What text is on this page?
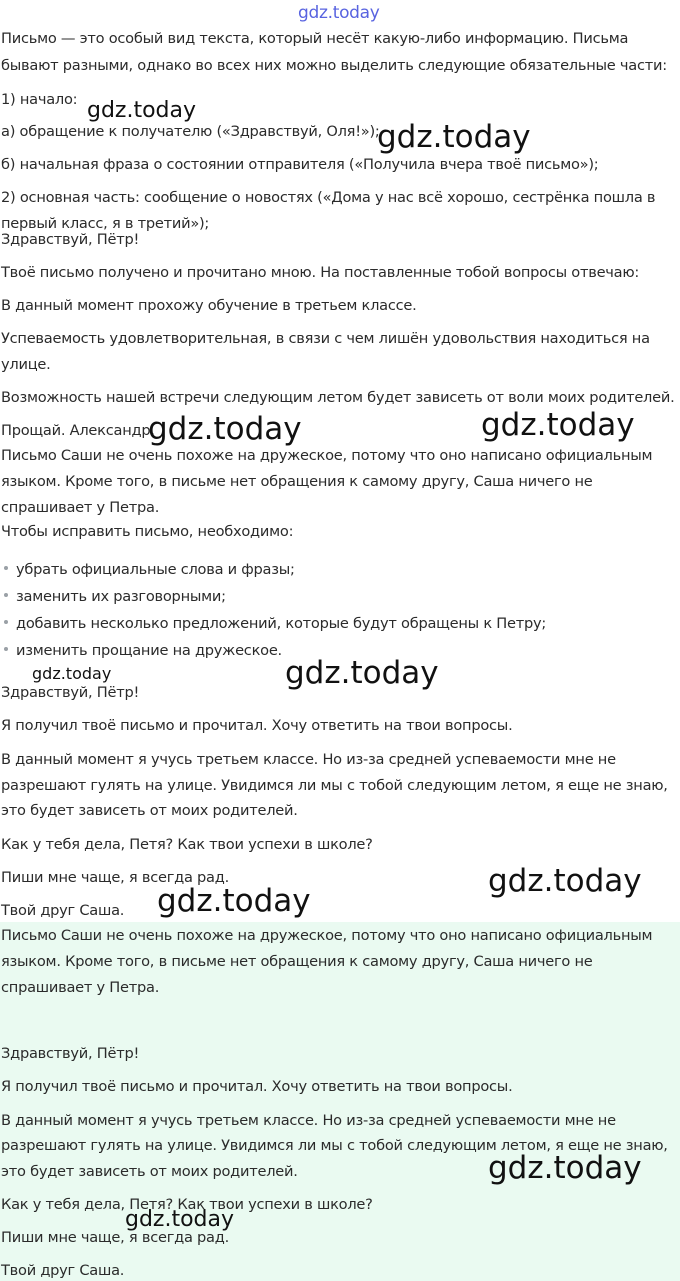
gdz.today
Письмо — это особый вид текста, который несёт какую-либо информацию. Письма
бывают разными, однако во всех них можно выделить следующие обязательные части:
1) начало:
а) обращение к получателю («Здравствуй, Оля!»);
б) начальная фраза о состоянии отправителя («Получила вчера твоё письмо»);
2) основная часть: сообщение о новостях («Дома у нас всё хорошо, сестрёнка пошла в
первый класс, я в третий»);
Здравствуй, Пётр!
Твоё письмо получено и прочитано мною. На поставленные тобой вопросы отвечаю:
В данный момент прохожу обучение в третьем классе.
Успеваемость удовлетворительная, в связи с чем лишён удовольствия находиться на
улице.
Возможность нашей встречи следующим летом будет зависеть от воли моих родителей.
Прощай. Александр.
Письмо Саши не очень похоже на дружеское, потому что оно написано официальным
языком. Кроме того, в письме нет обращения к самому другу, Саша ничего не
спрашивает у Петра.
Чтобы исправить письмо, необходимо:
убрать официальные слова и фразы;
заменить их разговорными;
добавить несколько предложений, которые будут обращены к Петру;
изменить прощание на дружеское.
Здравствуй, Пётр!
Я получил твоё письмо и прочитал. Хочу ответить на твои вопросы.
В данный момент я учусь третьем классе. Но из-за средней успеваемости мне не
разрешают гулять на улице. Увидимся ли мы с тобой следующим летом, я еще не знаю,
это будет зависеть от моих родителей.
Как у тебя дела, Петя? Как твои успехи в школе?
Пиши мне чаще, я всегда рад.
Твой друг Саша.
Письмо Саши не очень похоже на дружеское, потому что оно написано официальным
языком. Кроме того, в письме нет обращения к самому другу, Саша ничего не
спрашивает у Петра.
Здравствуй, Пётр!
Я получил твоё письмо и прочитал. Хочу ответить на твои вопросы.
В данный момент я учусь третьем классе. Но из-за средней успеваемости мне не
разрешают гулять на улице. Увидимся ли мы с тобой следующим летом, я еще не знаю,
это будет зависеть от моих родителей.
Как у тебя дела, Петя? Как твои успехи в школе?
Пиши мне чаще, я всегда рад.
Твой друг Саша.
gdz.today
gdz.today
gdz.today	gdz.today
gdz.today	gdz.today
gdz.today
gdz.today
gdz.today
gdz.today
